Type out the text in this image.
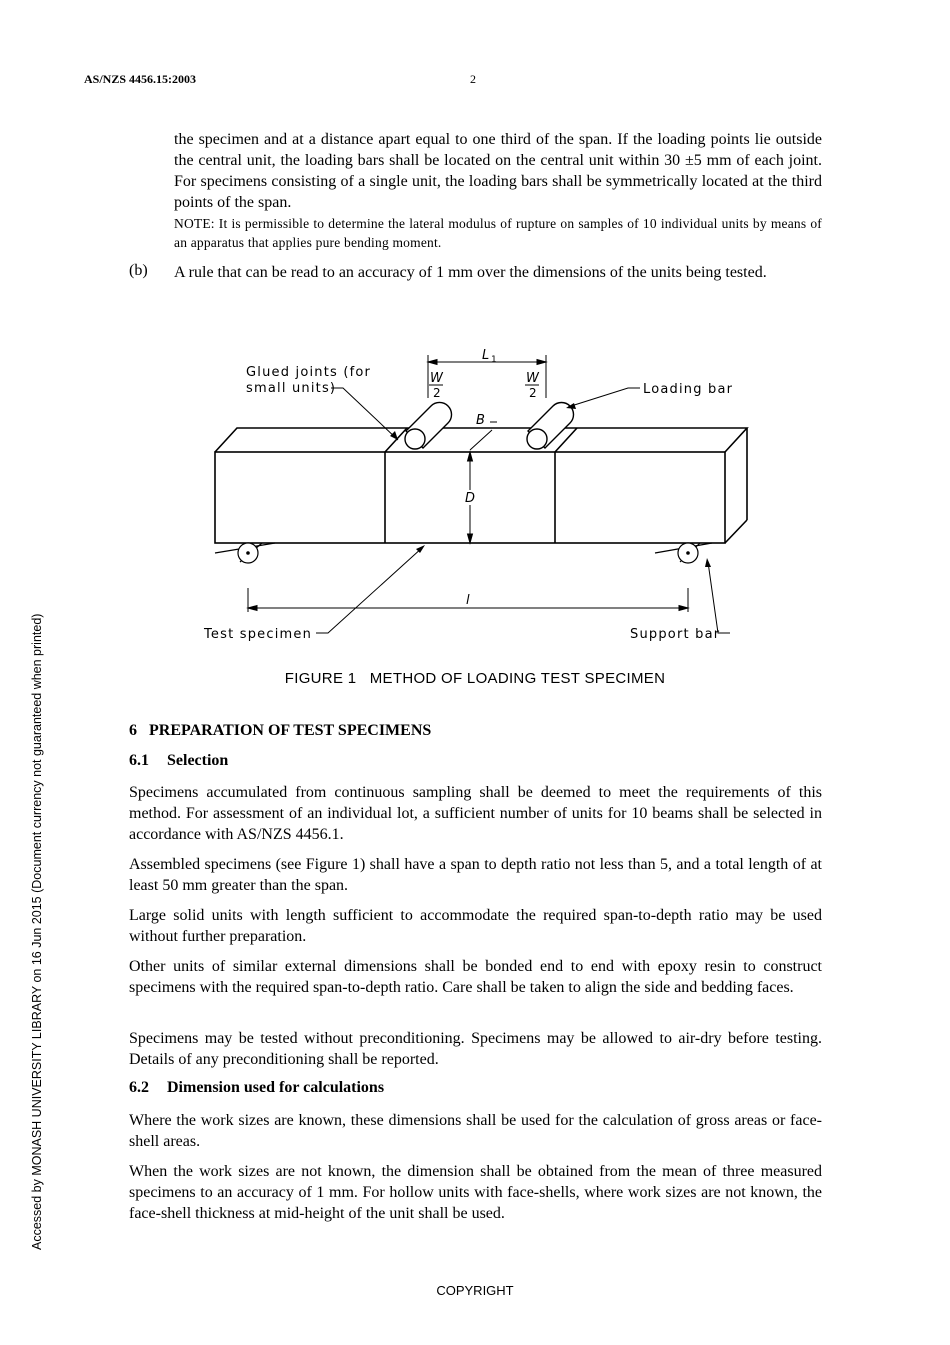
AS/NZS 4456.15:2003	2
the specimen and at a distance apart equal to one third of the span. If the loading points lie outside the central unit, the loading bars shall be located on the central unit within 30 ±5 mm of each joint. For specimens consisting of a single unit, the loading bars shall be symmetrically located at the third points of the span.
NOTE: It is permissible to determine the lateral modulus of rupture on samples of 10 individual units by means of an apparatus that applies pure bending moment.
(b) A rule that can be read to an accuracy of 1 mm over the dimensions of the units being tested.
Glued joints (for
small units)	Loading bar
Test specimen	Support bar
L 1
W
2
W
2
B
D
l
FIGURE 1   METHOD OF LOADING TEST SPECIMEN
6   PREPARATION OF TEST SPECIMENS
6.1 Selection
Specimens accumulated from continuous sampling shall be deemed to meet the requirements of this method. For assessment of an individual lot, a sufficient number of units for 10 beams shall be selected in accordance with AS/NZS 4456.1.
Assembled specimens (see Figure 1) shall have a span to depth ratio not less than 5, and a total length of at least 50 mm greater than the span.
Large solid units with length sufficient to accommodate the required span-to-depth ratio may be used without further preparation.
Other units of similar external dimensions shall be bonded end to end with epoxy resin to construct specimens with the required span-to-depth ratio. Care shall be taken to align the side and bedding faces.
Specimens may be tested without preconditioning. Specimens may be allowed to air-dry before testing. Details of any preconditioning shall be reported.
6.2 Dimension used for calculations
Where the work sizes are known, these dimensions shall be used for the calculation of gross areas or face-shell areas.
When the work sizes are not known, the dimension shall be obtained from the mean of three measured specimens to an accuracy of 1 mm. For hollow units with face-shells, where work sizes are not known, the face-shell thickness at mid-height of the unit shall be used.
COPYRIGHT
Accessed by MONASH UNIVERSITY LIBRARY on 16 Jun 2015 (Document currency not guaranteed when printed)
